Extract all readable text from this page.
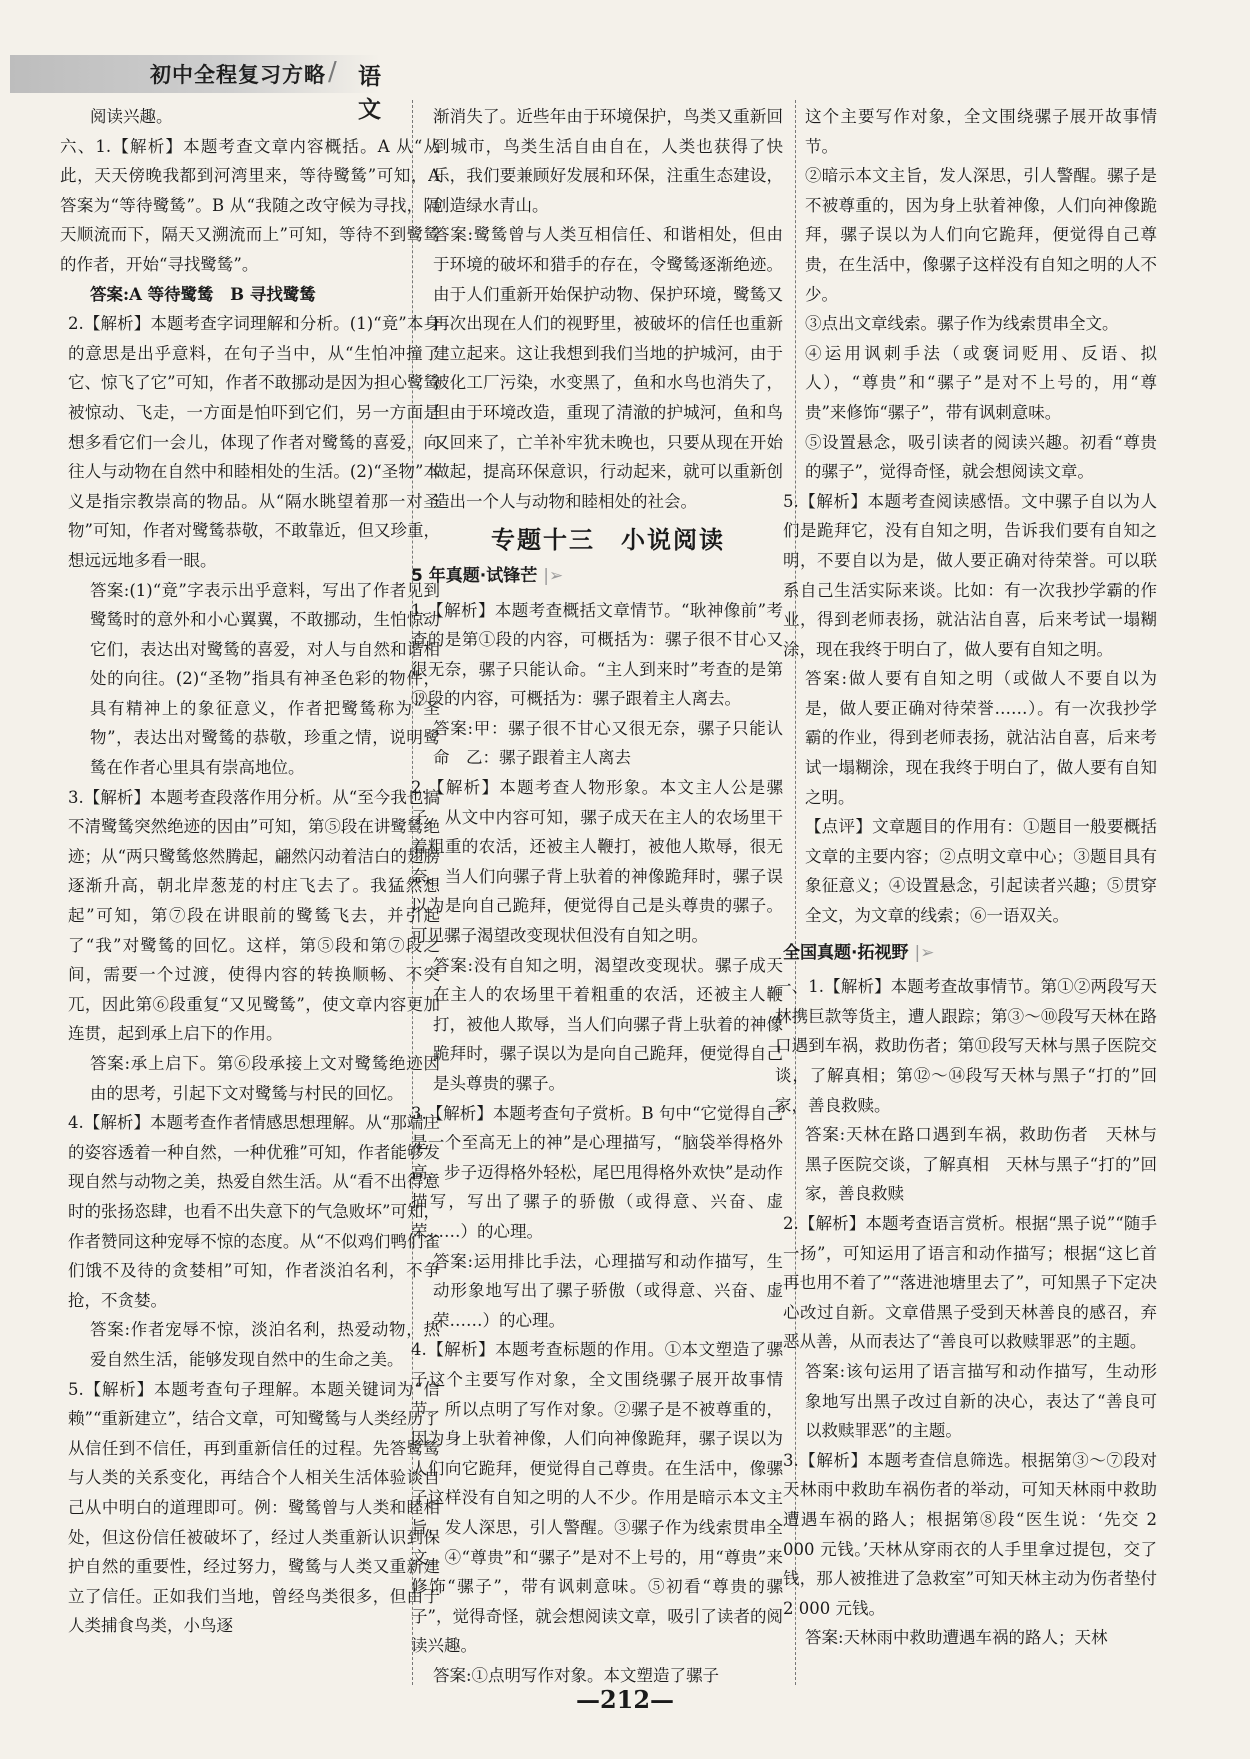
初中全程复习方略 / 语文

阅读兴趣。

六、1.【解析】本题考查文章内容概括。A 从“从此，天天傍晚我都到河湾里来，等待鹭鸶”可知，A 答案为“等待鹭鸶”。B 从“我随之改守候为寻找，隔天顺流而下，隔天又溯流而上”可知，等待不到鹭鸶的作者，开始“寻找鹭鸶”。

答案:A 等待鹭鸶　B 寻找鹭鸶

2.【解析】本题考查字词理解和分析。(1)“竟”本身的意思是出乎意料，在句子当中，从“生怕冲撞了它、惊飞了它”可知，作者不敢挪动是因为担心鹭鸶被惊动、飞走，一方面是怕吓到它们，另一方面是想多看它们一会儿，体现了作者对鹭鸶的喜爱，向往人与动物在自然中和睦相处的生活。(2)“圣物”本义是指宗教崇高的物品。从“隔水眺望着那一对圣物”可知，作者对鹭鸶恭敬，不敢靠近，但又珍重，想远远地多看一眼。

答案:(1)“竟”字表示出乎意料，写出了作者见到鹭鸶时的意外和小心翼翼，不敢挪动，生怕惊动它们，表达出对鹭鸶的喜爱，对人与自然和谐相处的向往。(2)“圣物”指具有神圣色彩的物件，具有精神上的象征意义，作者把鹭鸶称为“圣物”，表达出对鹭鸶的恭敬，珍重之情，说明鹭鸶在作者心里具有崇高地位。

3.【解析】本题考查段落作用分析。从“至今我也搞不清鹭鸶突然绝迹的因由”可知，第⑤段在讲鹭鸶绝迹；从“两只鹭鸶悠然腾起，翩然闪动着洁白的翅膀逐渐升高，朝北岸葱茏的村庄飞去了。我猛然想起”可知，第⑦段在讲眼前的鹭鸶飞去，并引起了“我”对鹭鸶的回忆。这样，第⑤段和第⑦段之间，需要一个过渡，使得内容的转换顺畅、不突兀，因此第⑥段重复“又见鹭鸶”，使文章内容更加连贯，起到承上启下的作用。

答案:承上启下。第⑥段承接上文对鹭鸶绝迹因由的思考，引起下文对鹭鸶与村民的回忆。

4.【解析】本题考查作者情感思想理解。从“那端庄的姿容透着一种自然，一种优雅”可知，作者能够发现自然与动物之美，热爱自然生活。从“看不出得意时的张扬恣肆，也看不出失意下的气急败坏”可知，作者赞同这种宠辱不惊的态度。从“不似鸡们鸭们雀们饿不及待的贪婪相”可知，作者淡泊名利，不争抢，不贪婪。

答案:作者宠辱不惊，淡泊名利，热爱动物，热爱自然生活，能够发现自然中的生命之美。

5.【解析】本题考查句子理解。本题关键词为“信赖”“重新建立”，结合文章，可知鹭鸶与人类经历了从信任到不信任，再到重新信任的过程。先答鹭鸶与人类的关系变化，再结合个人相关生活体验谈自己从中明白的道理即可。例：鹭鸶曾与人类和睦相处，但这份信任被破坏了，经过人类重新认识到保护自然的重要性，经过努力，鹭鸶与人类又重新建立了信任。正如我们当地，曾经鸟类很多，但由于人类捕食鸟类，小鸟逐

渐消失了。近些年由于环境保护，鸟类又重新回到城市，鸟类生活自由自在，人类也获得了快乐，我们要兼顾好发展和环保，注重生态建设，创造绿水青山。

答案:鹭鸶曾与人类互相信任、和谐相处，但由于环境的破坏和猎手的存在，令鹭鸶逐渐绝迹。由于人们重新开始保护动物、保护环境，鹭鸶又再次出现在人们的视野里，被破坏的信任也重新建立起来。这让我想到我们当地的护城河，由于被化工厂污染，水变黑了，鱼和水鸟也消失了，但由于环境改造，重现了清澈的护城河，鱼和鸟又回来了，亡羊补牢犹未晚也，只要从现在开始做起，提高环保意识，行动起来，就可以重新创造出一个人与动物和睦相处的社会。

专题十三　小说阅读
5 年真题·试锋芒 |➢

1.【解析】本题考查概括文章情节。“耿神像前”考查的是第①段的内容，可概括为：骡子很不甘心又很无奈，骡子只能认命。“主人到来时”考查的是第⑲段的内容，可概括为：骡子跟着主人离去。

答案:甲：骡子很不甘心又很无奈，骡子只能认命　乙：骡子跟着主人离去

2.【解析】本题考查人物形象。本文主人公是骡子，从文中内容可知，骡子成天在主人的农场里干着粗重的农活，还被主人鞭打，被他人欺辱，很无奈。当人们向骡子背上驮着的神像跪拜时，骡子误以为是向自己跪拜，便觉得自己是头尊贵的骡子。可见骡子渴望改变现状但没有自知之明。

答案:没有自知之明，渴望改变现状。骡子成天在主人的农场里干着粗重的农活，还被主人鞭打，被他人欺辱，当人们向骡子背上驮着的神像跪拜时，骡子误以为是向自己跪拜，便觉得自己是头尊贵的骡子。

3.【解析】本题考查句子赏析。B 句中“它觉得自己是一个至高无上的神”是心理描写，“脑袋举得格外高，步子迈得格外轻松，尾巴甩得格外欢快”是动作描写，写出了骡子的骄傲（或得意、兴奋、虚荣……）的心理。

答案:运用排比手法，心理描写和动作描写，生动形象地写出了骡子骄傲（或得意、兴奋、虚荣……）的心理。

4.【解析】本题考查标题的作用。①本文塑造了骡子这个主要写作对象，全文围绕骡子展开故事情节。所以点明了写作对象。②骡子是不被尊重的，因为身上驮着神像，人们向神像跪拜，骡子误以为人们向它跪拜，便觉得自己尊贵。在生活中，像骡子这样没有自知之明的人不少。作用是暗示本文主旨，发人深思，引人警醒。③骡子作为线索贯串全文。④“尊贵”和“骡子”是对不上号的，用“尊贵”来修饰“骡子”，带有讽刺意味。⑤初看“尊贵的骡子”，觉得奇怪，就会想阅读文章，吸引了读者的阅读兴趣。

答案:①点明写作对象。本文塑造了骡子

这个主要写作对象，全文围绕骡子展开故事情节。

②暗示本文主旨，发人深思，引人警醒。骡子是不被尊重的，因为身上驮着神像，人们向神像跪拜，骡子误以为人们向它跪拜，便觉得自己尊贵，在生活中，像骡子这样没有自知之明的人不少。

③点出文章线索。骡子作为线索贯串全文。

④运用讽刺手法（或褒词贬用、反语、拟人），“尊贵”和“骡子”是对不上号的，用“尊贵”来修饰“骡子”，带有讽刺意味。

⑤设置悬念，吸引读者的阅读兴趣。初看“尊贵的骡子”，觉得奇怪，就会想阅读文章。

5.【解析】本题考查阅读感悟。文中骡子自以为人们是跪拜它，没有自知之明，告诉我们要有自知之明，不要自以为是，做人要正确对待荣誉。可以联系自己生活实际来谈。比如：有一次我抄学霸的作业，得到老师表扬，就沾沾自喜，后来考试一塌糊涂，现在我终于明白了，做人要有自知之明。

答案:做人要有自知之明（或做人不要自以为是，做人要正确对待荣誉……）。有一次我抄学霸的作业，得到老师表扬，就沾沾自喜，后来考试一塌糊涂，现在我终于明白了，做人要有自知之明。

【点评】文章题目的作用有：①题目一般要概括文章的主要内容；②点明文章中心；③题目具有象征意义；④设置悬念，引起读者兴趣；⑤贯穿全文，为文章的线索；⑥一语双关。

全国真题·拓视野 |➢

一、1.【解析】本题考查故事情节。第①②两段写天林携巨款等货主，遭人跟踪；第③～⑩段写天林在路口遇到车祸，救助伤者；第⑪段写天林与黑子医院交谈，了解真相；第⑫～⑭段写天林与黑子“打的”回家，善良救赎。

答案:天林在路口遇到车祸，救助伤者　天林与黑子医院交谈，了解真相　天林与黑子“打的”回家，善良救赎

2.【解析】本题考查语言赏析。根据“黑子说”“随手一扬”，可知运用了语言和动作描写；根据“这匕首再也用不着了”“落进池塘里去了”，可知黑子下定决心改过自新。文章借黑子受到天林善良的感召，弃恶从善，从而表达了“善良可以救赎罪恶”的主题。

答案:该句运用了语言描写和动作描写，生动形象地写出黑子改过自新的决心，表达了“善良可以救赎罪恶”的主题。

3.【解析】本题考查信息筛选。根据第③～⑦段对天林雨中救助车祸伤者的举动，可知天林雨中救助遭遇车祸的路人；根据第⑧段“医生说：‘先交 2 000 元钱。’天林从穿雨衣的人手里拿过提包，交了钱，那人被推进了急救室”可知天林主动为伤者垫付 2 000 元钱。

答案:天林雨中救助遭遇车祸的路人；天林

—212—
